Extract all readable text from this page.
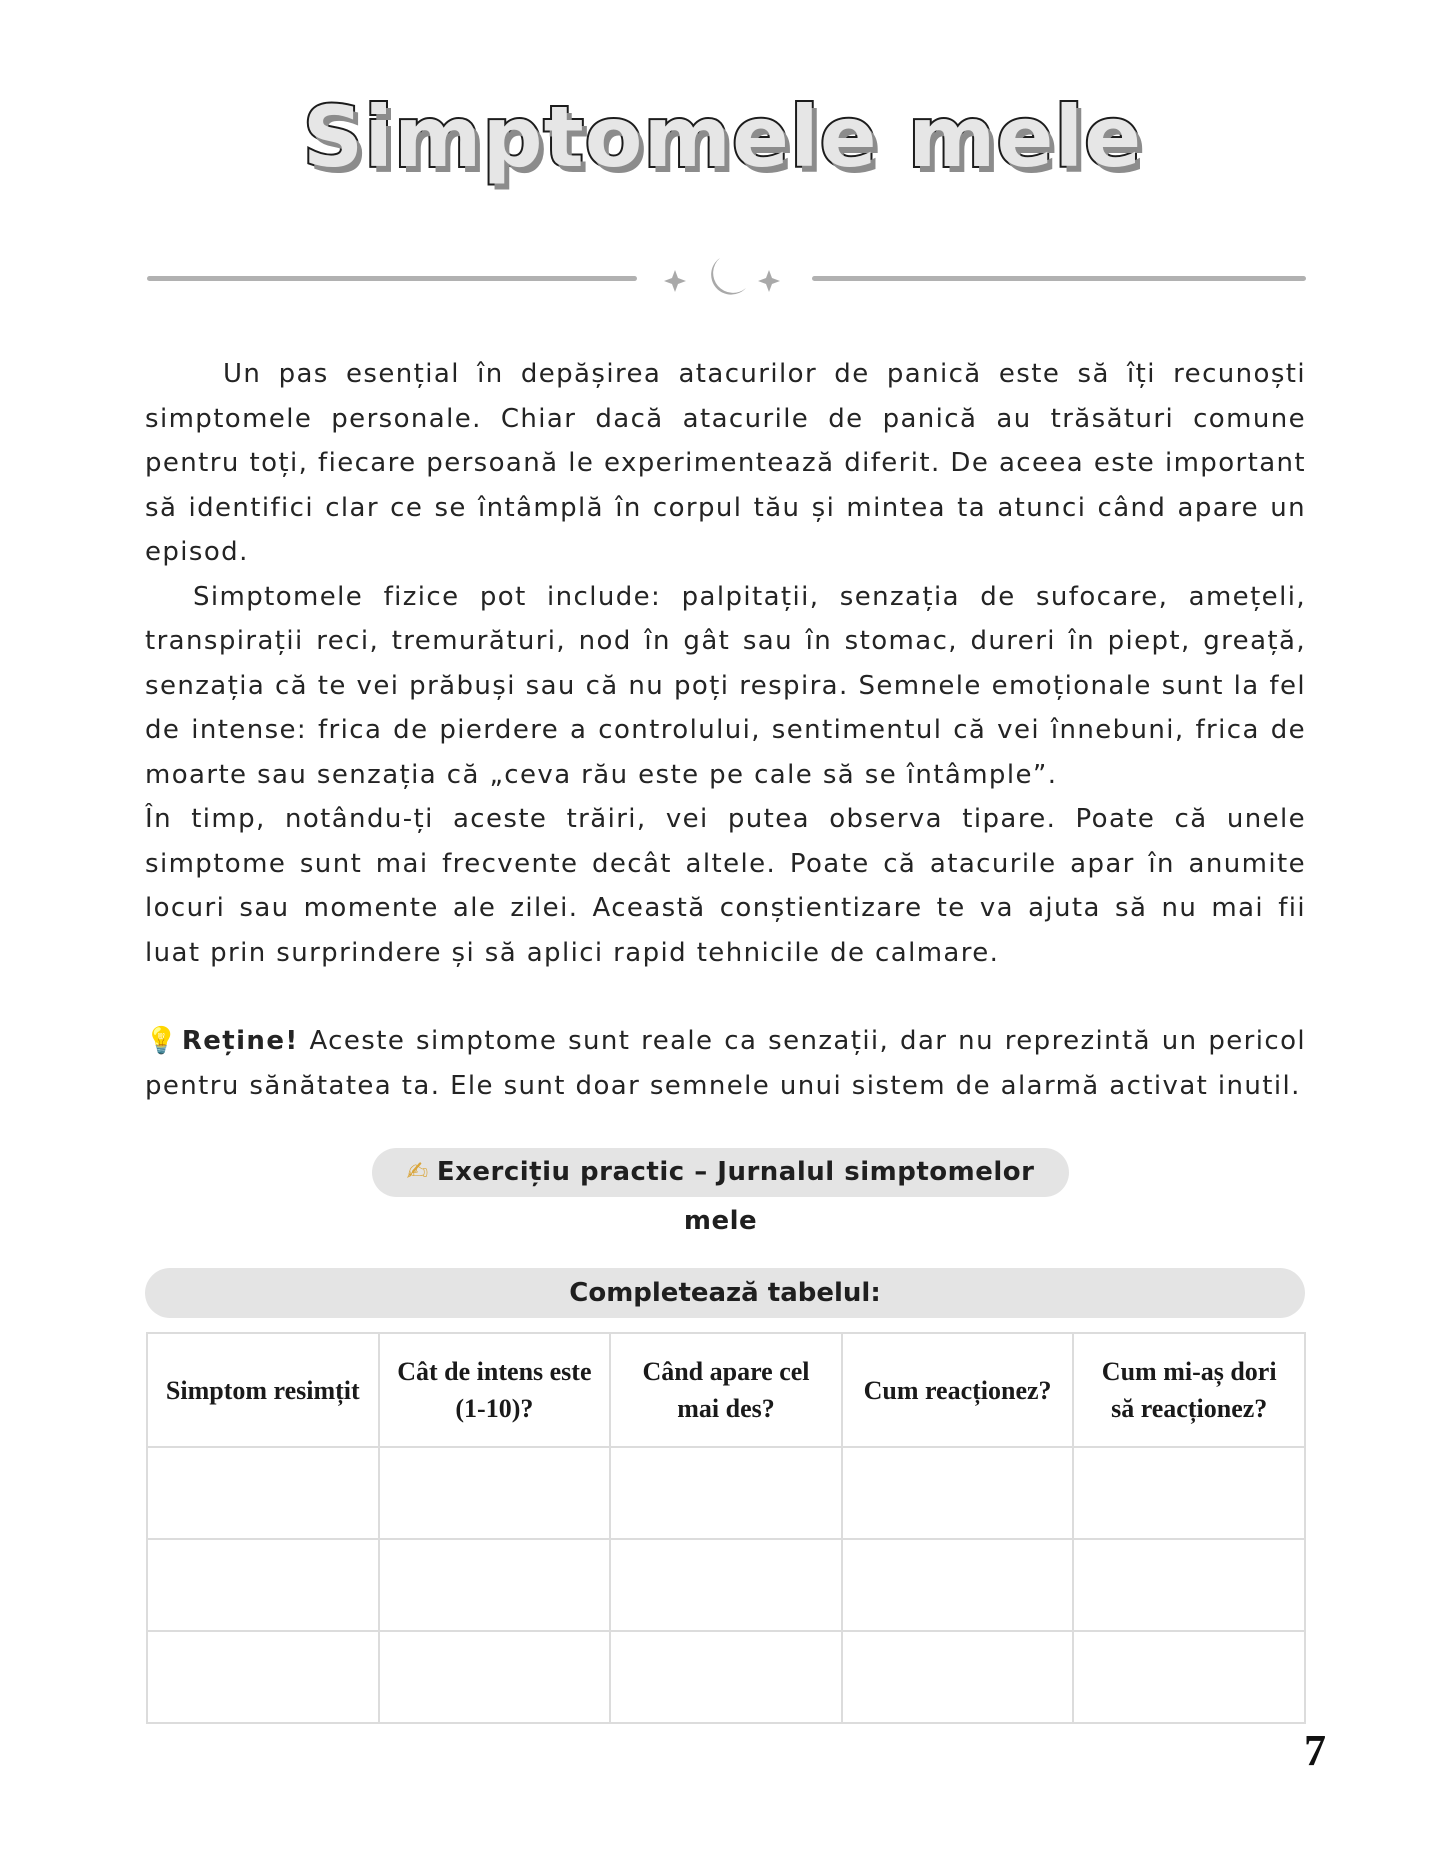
Simptomele mele

Un pas esențial în depășirea atacurilor de panică este să îți recunoști simptomele personale. Chiar dacă atacurile de panică au trăsături comune pentru toți, fiecare persoană le experimentează diferit. De aceea este important să identifici clar ce se întâmplă în corpul tău și mintea ta atunci când apare un episod.

Simptomele fizice pot include: palpitații, senzația de sufocare, amețeli, transpirații reci, tremurături, nod în gât sau în stomac, dureri în piept, greață, senzația că te vei prăbuși sau că nu poți respira. Semnele emoționale sunt la fel de intense: frica de pierdere a controlului, sentimentul că vei înnebuni, frica de moarte sau senzația că „ceva rău este pe cale să se întâmple”.

În timp, notându-ți aceste trăiri, vei putea observa tipare. Poate că unele simptome sunt mai frecvente decât altele. Poate că atacurile apar în anumite locuri sau momente ale zilei. Această conștientizare te va ajuta să nu mai fii luat prin surprindere și să aplici rapid tehnicile de calmare.

💡 Reține! Aceste simptome sunt reale ca senzații, dar nu reprezintă un pericol pentru sănătatea ta. Ele sunt doar semnele unui sistem de alarmă activat inutil.

✍ Exercițiu practic – Jurnalul simptomelor mele
Completează tabelul:
Simptom resimțit	Cât de intens este (1-10)?	Când apare cel mai des?	Cum reacționez?	Cum mi-aș dori să reacționez?

7
